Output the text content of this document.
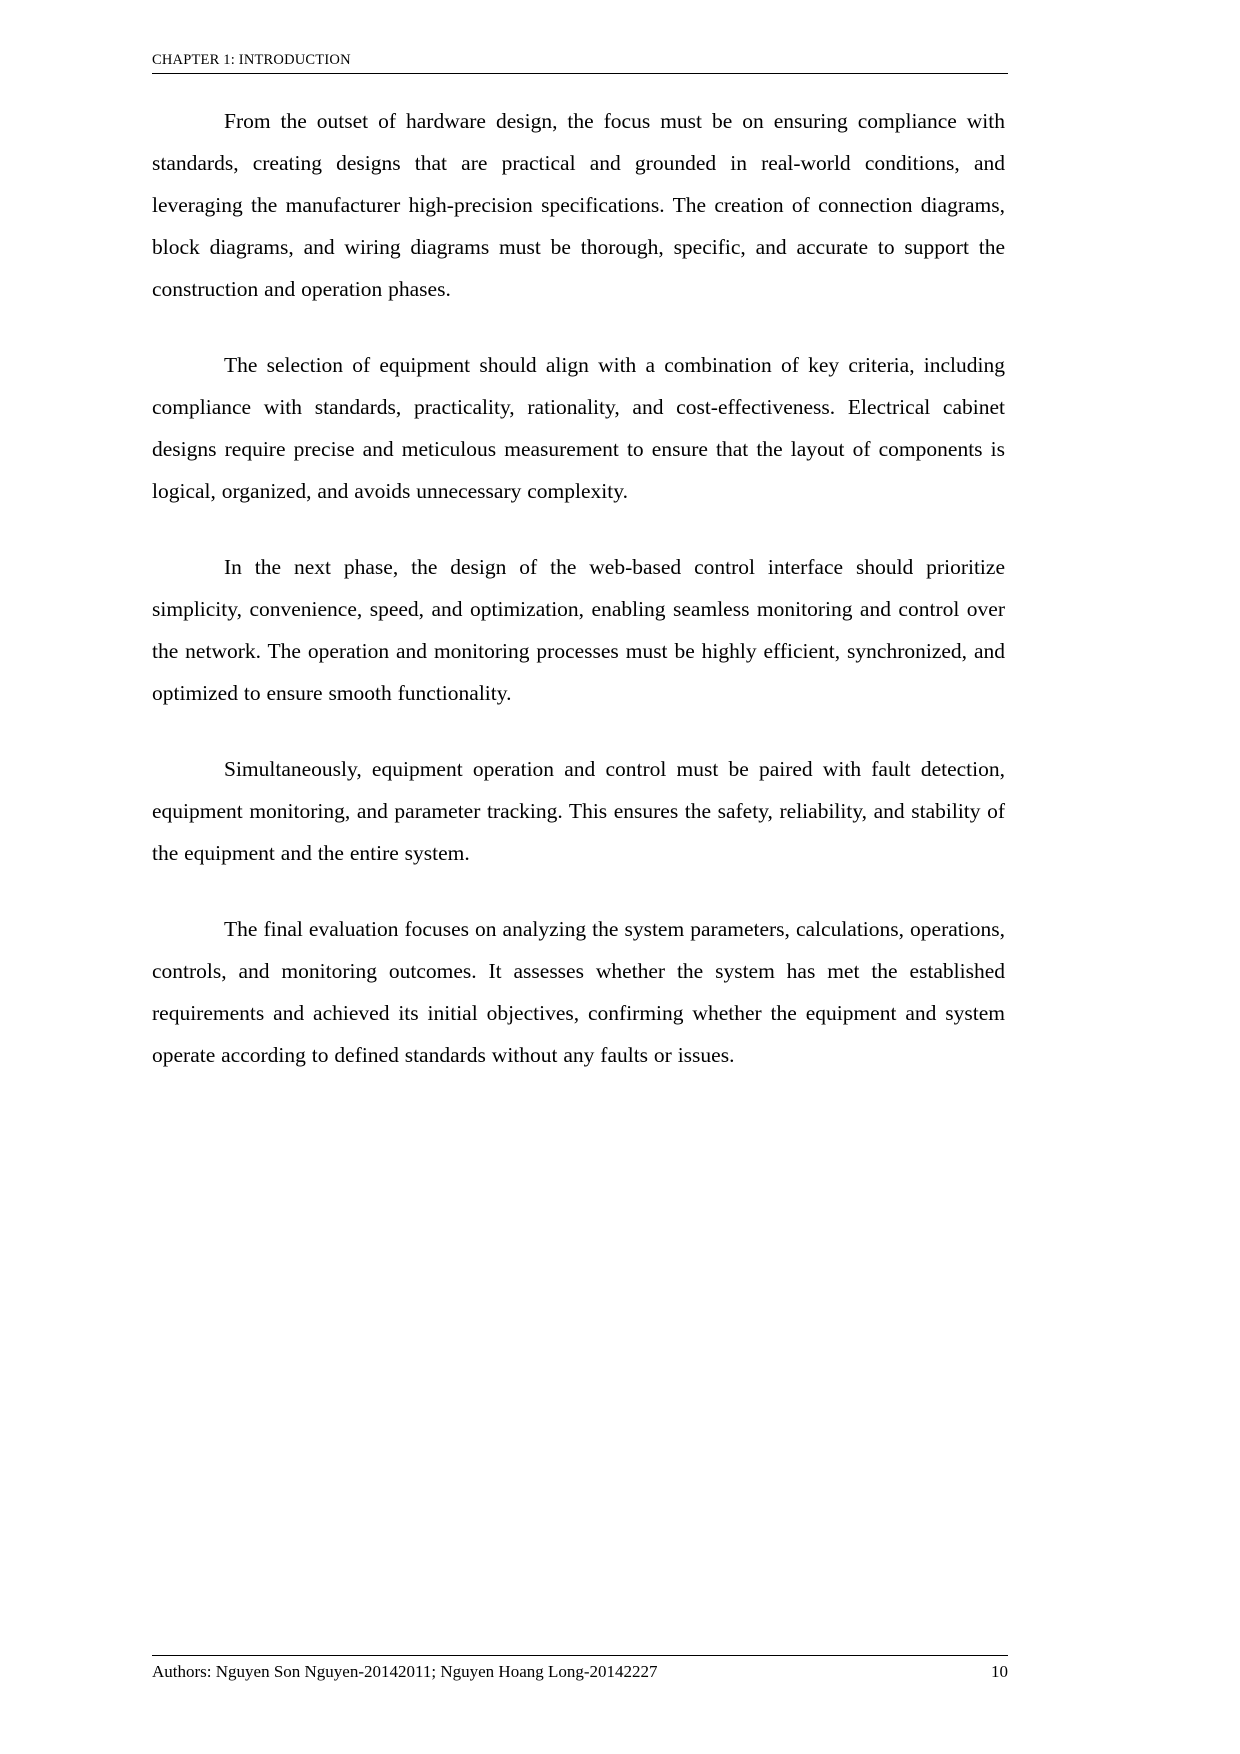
CHAPTER 1: INTRODUCTION

From the outset of hardware design, the focus must be on ensuring compliance with standards, creating designs that are practical and grounded in real-world conditions, and leveraging the manufacturer high-precision specifications. The creation of connection diagrams, block diagrams, and wiring diagrams must be thorough, specific, and accurate to support the construction and operation phases.

The selection of equipment should align with a combination of key criteria, including compliance with standards, practicality, rationality, and cost-effectiveness. Electrical cabinet designs require precise and meticulous measurement to ensure that the layout of components is logical, organized, and avoids unnecessary complexity.

In the next phase, the design of the web-based control interface should prioritize simplicity, convenience, speed, and optimization, enabling seamless monitoring and control over the network. The operation and monitoring processes must be highly efficient, synchronized, and optimized to ensure smooth functionality.

Simultaneously, equipment operation and control must be paired with fault detection, equipment monitoring, and parameter tracking. This ensures the safety, reliability, and stability of the equipment and the entire system.

The final evaluation focuses on analyzing the system parameters, calculations, operations, controls, and monitoring outcomes. It assesses whether the system has met the established requirements and achieved its initial objectives, confirming whether the equipment and system operate according to defined standards without any faults or issues.

Authors: Nguyen Son Nguyen-20142011; Nguyen Hoang Long-20142227	10
